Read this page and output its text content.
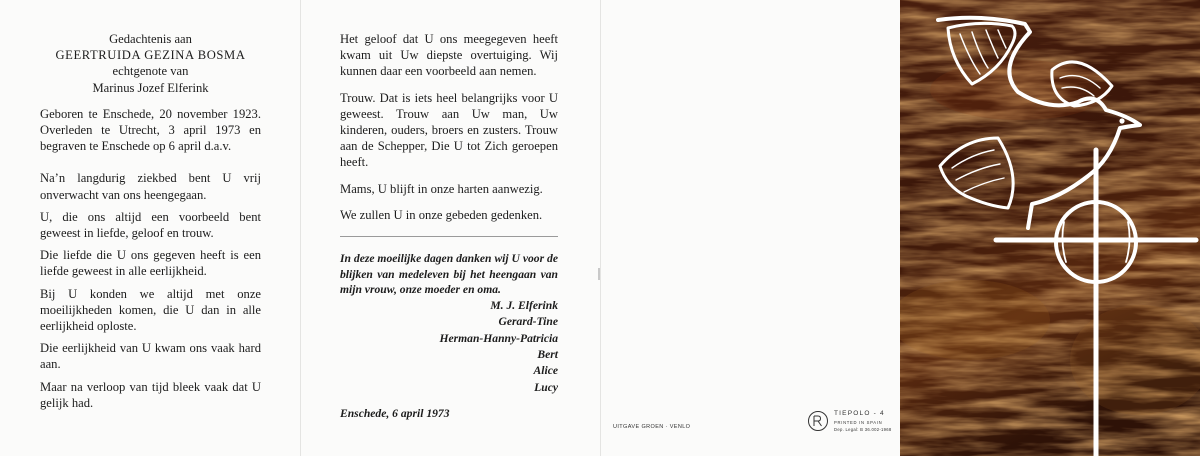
Gedachtenis aan

GEERTRUIDA GEZINA BOSMA

echtgenote van

Marinus Jozef Elferink

Geboren te Enschede, 20 november 1923. Overleden te Utrecht, 3 april 1973 en begraven te Enschede op 6 april d.a.v.

Na’n langdurig ziekbed bent U vrij onverwacht van ons heengegaan.

U, die ons altijd een voorbeeld bent geweest in liefde, geloof en trouw.

Die liefde die U ons gegeven heeft is een liefde geweest in alle eerlijkheid.

Bij U konden we altijd met onze moeilijkheden komen, die U dan in alle eerlijkheid oploste.

Die eerlijkheid van U kwam ons vaak hard aan.

Maar na verloop van tijd bleek vaak dat U gelijk had.

Het geloof dat U ons meegegeven heeft kwam uit Uw diepste overtuiging. Wij kunnen daar een voorbeeld aan nemen.

Trouw. Dat is iets heel belangrijks voor U geweest. Trouw aan Uw man, Uw kinderen, ouders, broers en zusters. Trouw aan de Schepper, Die U tot Zich geroepen heeft.

Mams, U blijft in onze harten aanwezig.

We zullen U in onze gebeden gedenken.

In deze moeilijke dagen danken wij U voor de blijken van medeleven bij het heengaan van mijn vrouw, onze moeder en oma.

M. J. Elferink

Gerard-Tine

Herman-Hanny-Patricia

Bert

Alice

Lucy

Enschede, 6 april 1973

UITGAVE GROEN · VENLO
TIEPOLO - 4
PRINTED IN SPAIN
Dep. Legal: B 36.002-1968
